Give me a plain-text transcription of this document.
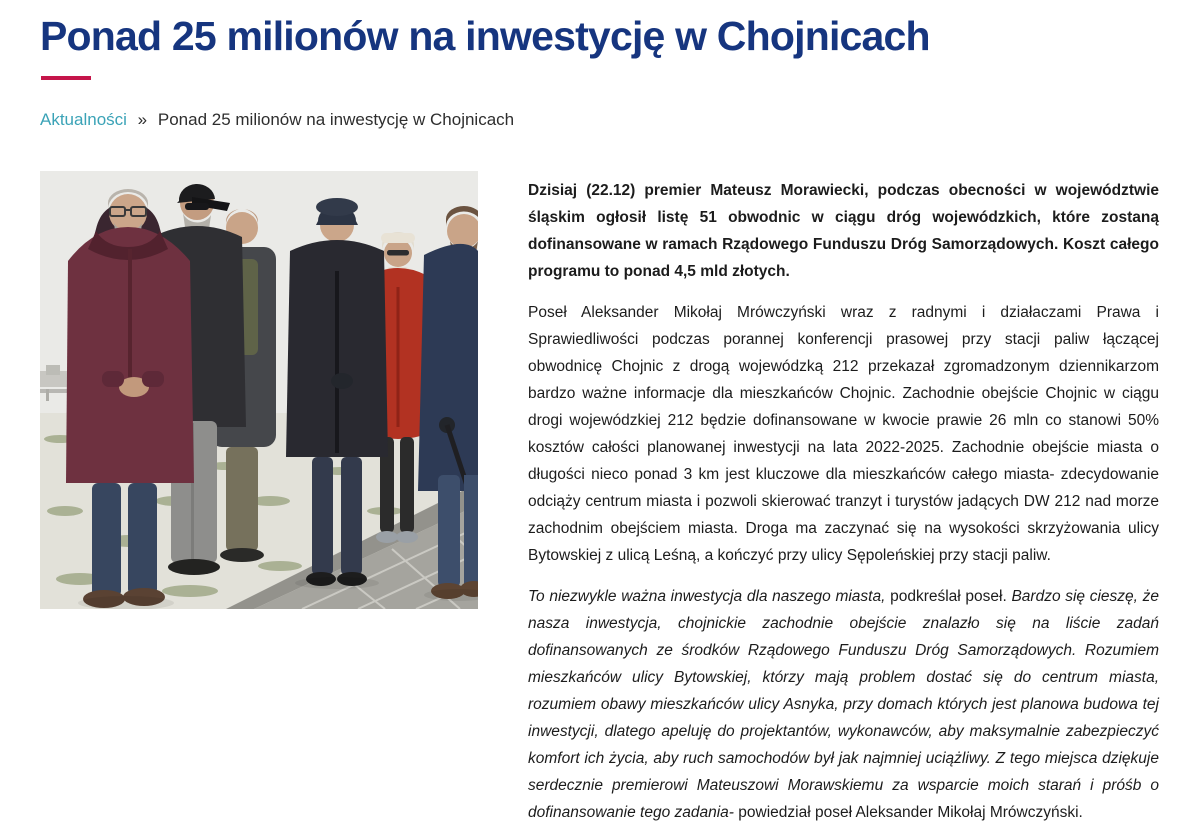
Ponad 25 milionów na inwestycję w Chojnicach
Aktualności » Ponad 25 milionów na inwestycję w Chojnicach

Dzisiaj (22.12) premier Mateusz Morawiecki, podczas obecności w województwie śląskim ogłosił listę 51 obwodnic w ciągu dróg wojewódzkich, które zostaną dofinansowane w ramach Rządowego Funduszu Dróg Samorządowych. Koszt całego programu to ponad 4,5 mld złotych.

Poseł Aleksander Mikołaj Mrówczyński wraz z radnymi i działaczami Prawa i Sprawiedliwości podczas porannej konferencji prasowej przy stacji paliw łączącej obwodnicę Chojnic z drogą wojewódzką 212 przekazał zgromadzonym dziennikarzom bardzo ważne informacje dla mieszkańców Chojnic. Zachodnie obejście Chojnic w ciągu drogi wojewódzkiej 212 będzie dofinansowane w kwocie prawie 26 mln co stanowi 50% kosztów całości planowanej inwestycji na lata 2022-2025. Zachodnie obejście miasta o długości nieco ponad 3 km jest kluczowe dla mieszkańców całego miasta- zdecydowanie odciąży centrum miasta i pozwoli skierować tranzyt i turystów jadących DW 212 nad morze zachodnim obejściem miasta. Droga ma zaczynać się na wysokości skrzyżowania ulicy Bytowskiej z ulicą Leśną, a kończyć przy ulicy Sępoleńskiej przy stacji paliw.

To niezwykle ważna inwestycja dla naszego miasta, podkreślał poseł. Bardzo się cieszę, że nasza inwestycja, chojnickie zachodnie obejście znalazło się na liście zadań dofinansowanych ze środków Rządowego Funduszu Dróg Samorządowych. Rozumiem mieszkańców ulicy Bytowskiej, którzy mają problem dostać się do centrum miasta, rozumiem obawy mieszkańców ulicy Asnyka, przy domach których jest planowa budowa tej inwestycji, dlatego apeluję do projektantów, wykonawców, aby maksymalnie zabezpieczyć komfort ich życia, aby ruch samochodów był jak najmniej uciążliwy. Z tego miejsca dziękuje serdecznie premierowi Mateuszowi Morawskiemu za wsparcie moich starań i próśb o dofinansowanie tego zadania- powiedział poseł Aleksander Mikołaj Mrówczyński.
